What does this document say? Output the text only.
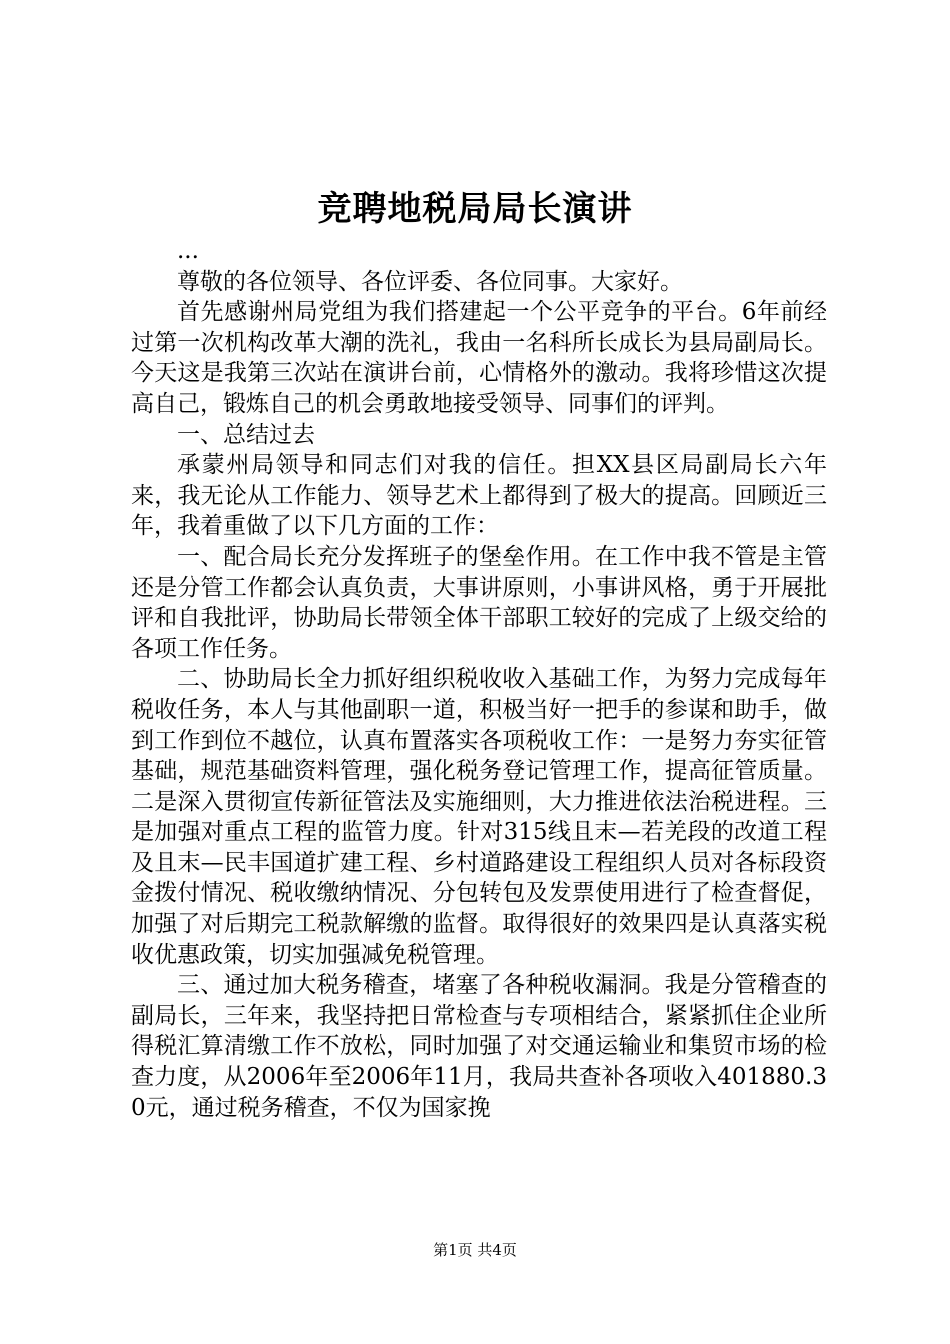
竞聘地税局局长演讲

...

尊敬的各位领导、各位评委、各位同事。大家好。

首先感谢州局党组为我们搭建起一个公平竞争的平台。6年前经过第一次机构改革大潮的洗礼，我由一名科所长成长为县局副局长。今天这是我第三次站在演讲台前，心情格外的激动。我将珍惜这次提高自己，锻炼自己的机会勇敢地接受领导、同事们的评判。

一、总结过去

承蒙州局领导和同志们对我的信任。担XX县区局副局长六年来，我无论从工作能力、领导艺术上都得到了极大的提高。回顾近三年，我着重做了以下几方面的工作：

一、配合局长充分发挥班子的堡垒作用。在工作中我不管是主管还是分管工作都会认真负责，大事讲原则，小事讲风格，勇于开展批评和自我批评，协助局长带领全体干部职工较好的完成了上级交给的各项工作任务。

二、协助局长全力抓好组织税收收入基础工作，为努力完成每年税收任务，本人与其他副职一道，积极当好一把手的参谋和助手，做到工作到位不越位，认真布置落实各项税收工作：一是努力夯实征管基础，规范基础资料管理，强化税务登记管理工作，提高征管质量。二是深入贯彻宣传新征管法及实施细则，大力推进依法治税进程。三是加强对重点工程的监管力度。针对315线且末—若羌段的改道工程及且末—民丰国道扩建工程、乡村道路建设工程组织人员对各标段资金拨付情况、税收缴纳情况、分包转包及发票使用进行了检查督促，加强了对后期完工税款解缴的监督。取得很好的效果四是认真落实税收优惠政策，切实加强减免税管理。

三、通过加大税务稽查，堵塞了各种税收漏洞。我是分管稽查的副局长，三年来，我坚持把日常检查与专项相结合，紧紧抓住企业所得税汇算清缴工作不放松，同时加强了对交通运输业和集贸市场的检查力度，从2006年至2006年11月，我局共查补各项收入401880.30元，通过税务稽查，不仅为国家挽

第1页 共4页
